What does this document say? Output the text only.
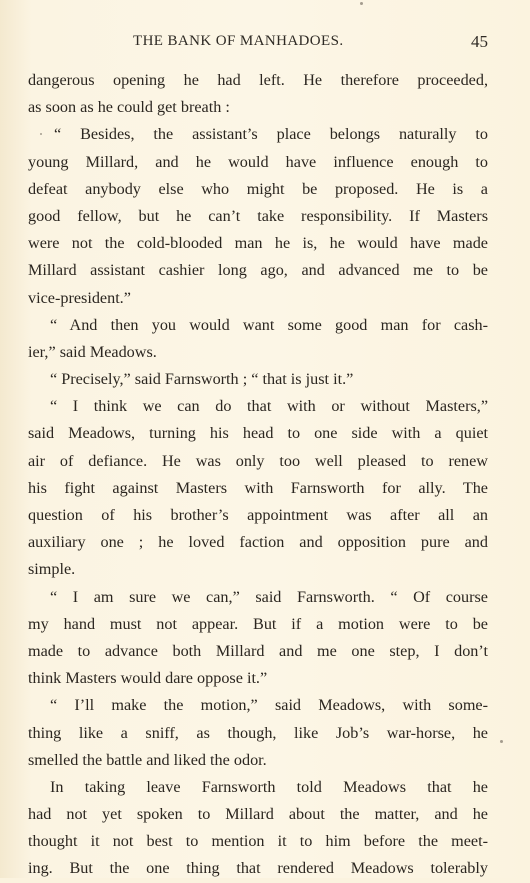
THE BANK OF MANHADOES.	45
dangerous opening he had left. He therefore proceeded,
as soon as he could get breath :
“ Besides, the assistant’s place belongs naturally to
young Millard, and he would have influence enough to
defeat anybody else who might be proposed. He is a
good fellow, but he can’t take responsibility. If Masters
were not the cold-blooded man he is, he would have made
Millard assistant cashier long ago, and advanced me to be
vice-president.”
“ And then you would want some good man for cash-
ier,” said Meadows.
“ Precisely,” said Farnsworth ; “ that is just it.”
“ I think we can do that with or without Masters,”
said Meadows, turning his head to one side with a quiet
air of defiance. He was only too well pleased to renew
his fight against Masters with Farnsworth for ally. The
question of his brother’s appointment was after all an
auxiliary one ; he loved faction and opposition pure and
simple.
“ I am sure we can,” said Farnsworth. “ Of course
my hand must not appear. But if a motion were to be
made to advance both Millard and me one step, I don’t
think Masters would dare oppose it.”
“ I’ll make the motion,” said Meadows, with some-
thing like a sniff, as though, like Job’s war-horse, he
smelled the battle and liked the odor.
In taking leave Farnsworth told Meadows that he
had not yet spoken to Millard about the matter, and he
thought it not best to mention it to him before the meet-
ing. But the one thing that rendered Meadows tolerably
